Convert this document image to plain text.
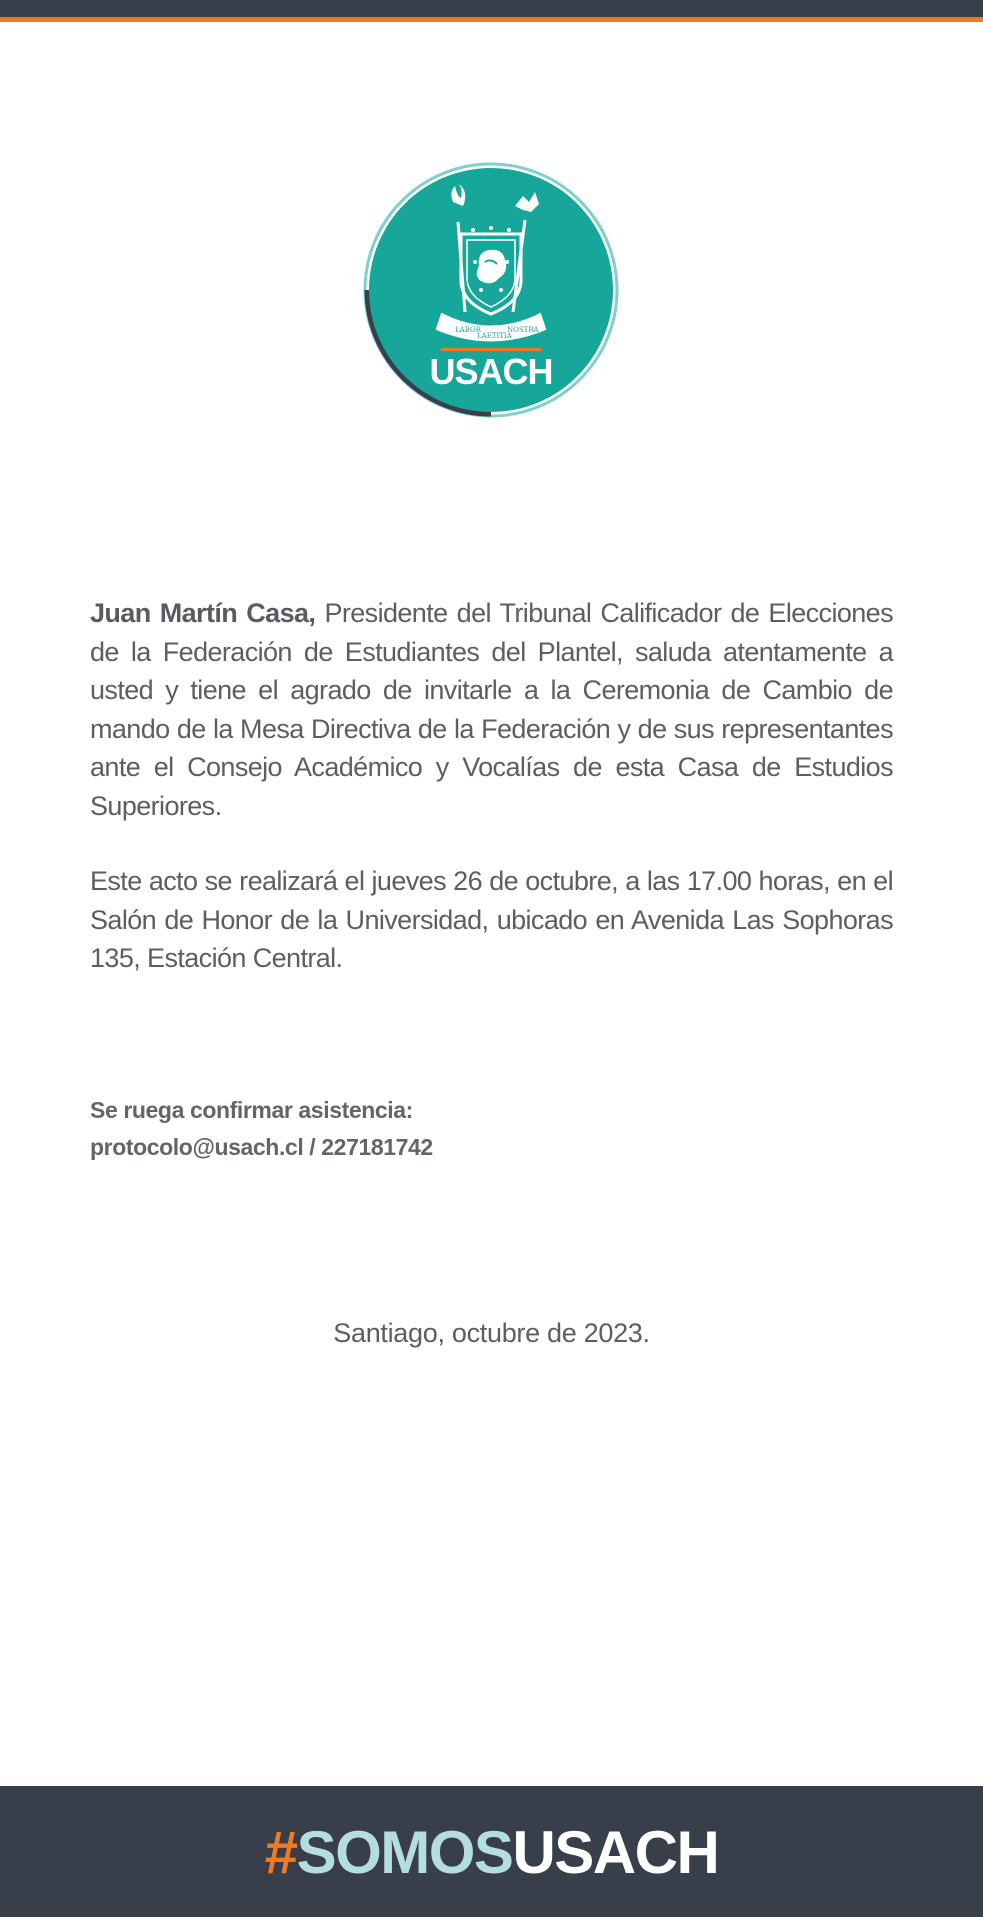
LABOR
LAETITIA
NOSTRA
USACH
Juan Martín Casa, Presidente del Tribunal Calificador de Elecciones de la Federación de Estudiantes del Plantel, saluda atentamente a usted y tiene el agrado de invitarle a la Ceremonia de Cambio de mando de la Mesa Directiva de la Federación y de sus representantes ante el Consejo Académico y Vocalías de esta Casa de Estudios Superiores.
Este acto se realizará el jueves 26 de octubre, a las 17.00 horas, en el Salón de Honor de la Universidad, ubicado en Avenida Las Sophoras 135, Estación Central.
Se ruega confirmar asistencia:
protocolo@usach.cl / 227181742
Santiago, octubre de 2023.
#SOMOSUSACH
